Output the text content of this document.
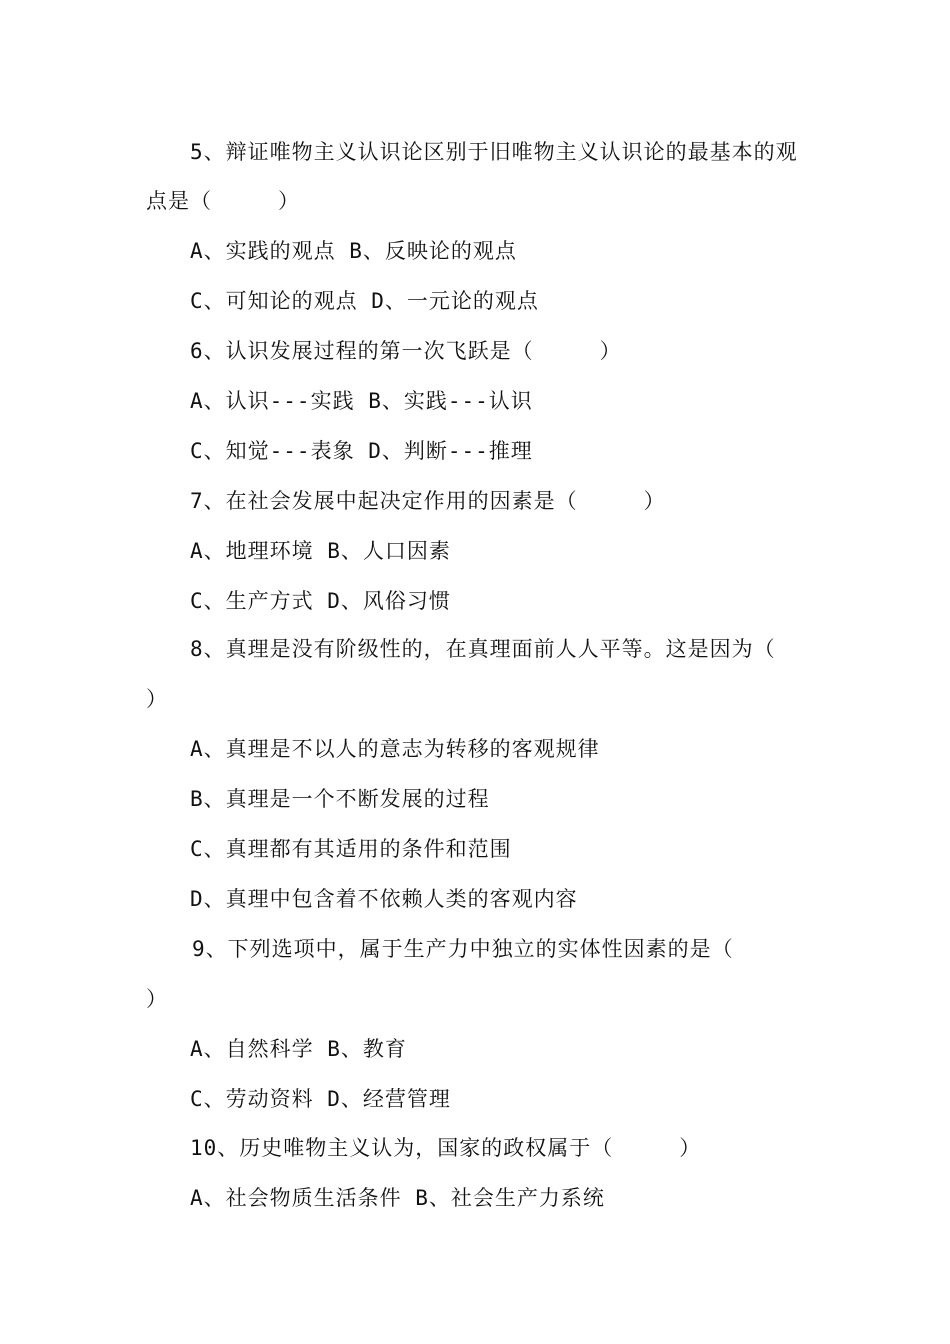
5、辩证唯物主义认识论区别于旧唯物主义认识论的最基本的观
点是（　　　）
A、实践的观点 B、反映论的观点
C、可知论的观点 D、一元论的观点
6、认识发展过程的第一次飞跃是（　　　）
A、认识---实践 B、实践---认识
C、知觉---表象 D、判断---推理
7、在社会发展中起决定作用的因素是（　　　）
A、地理环境 B、人口因素
C、生产方式 D、风俗习惯
8、真理是没有阶级性的，在真理面前人人平等。这是因为（
）
A、真理是不以人的意志为转移的客观规律
B、真理是一个不断发展的过程
C、真理都有其适用的条件和范围
D、真理中包含着不依赖人类的客观内容
9、下列选项中，属于生产力中独立的实体性因素的是（
）
A、自然科学 B、教育
C、劳动资料 D、经营管理
10、历史唯物主义认为，国家的政权属于（　　　）
A、社会物质生活条件 B、社会生产力系统
